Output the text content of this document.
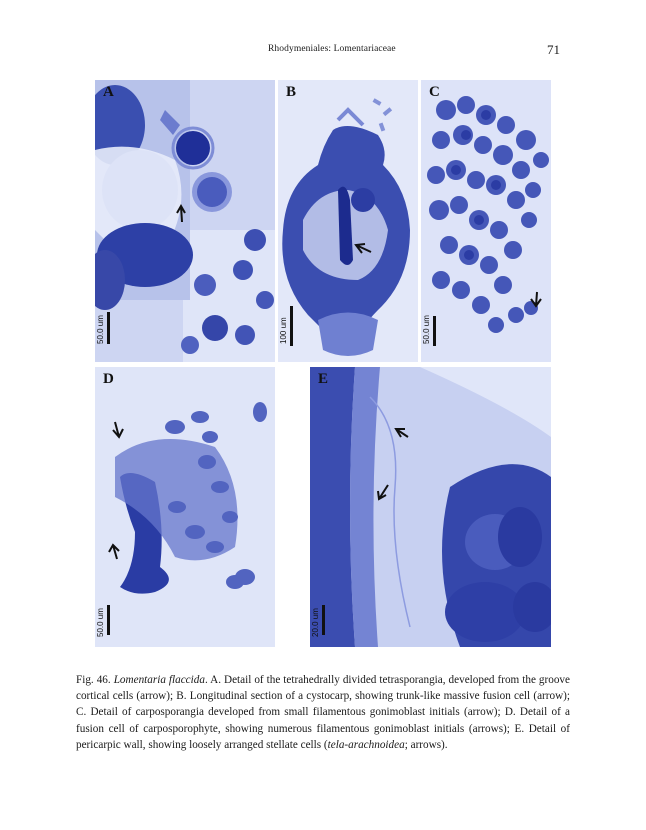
Rhodymeniales: Lomentariaceae	71
A
50.0 um
B
100 um
C
50.0 um
D
50.0 um
E
20.0 um
Fig. 46. Lomentaria flaccida. A. Detail of the tetrahedrally divided tetrasporangia, developed from the groove cortical cells (arrow); B. Longitudinal section of a cystocarp, showing trunk-like massive fusion cell (arrow); C. Detail of carposporangia developed from small filamentous gonimoblast initials (arrow); D. Detail of a fusion cell of carposporophyte, showing numerous filamentous gonimoblast initials (arrows); E. Detail of pericarpic wall, showing loosely arranged stellate cells (tela-arachnoidea; arrows).
